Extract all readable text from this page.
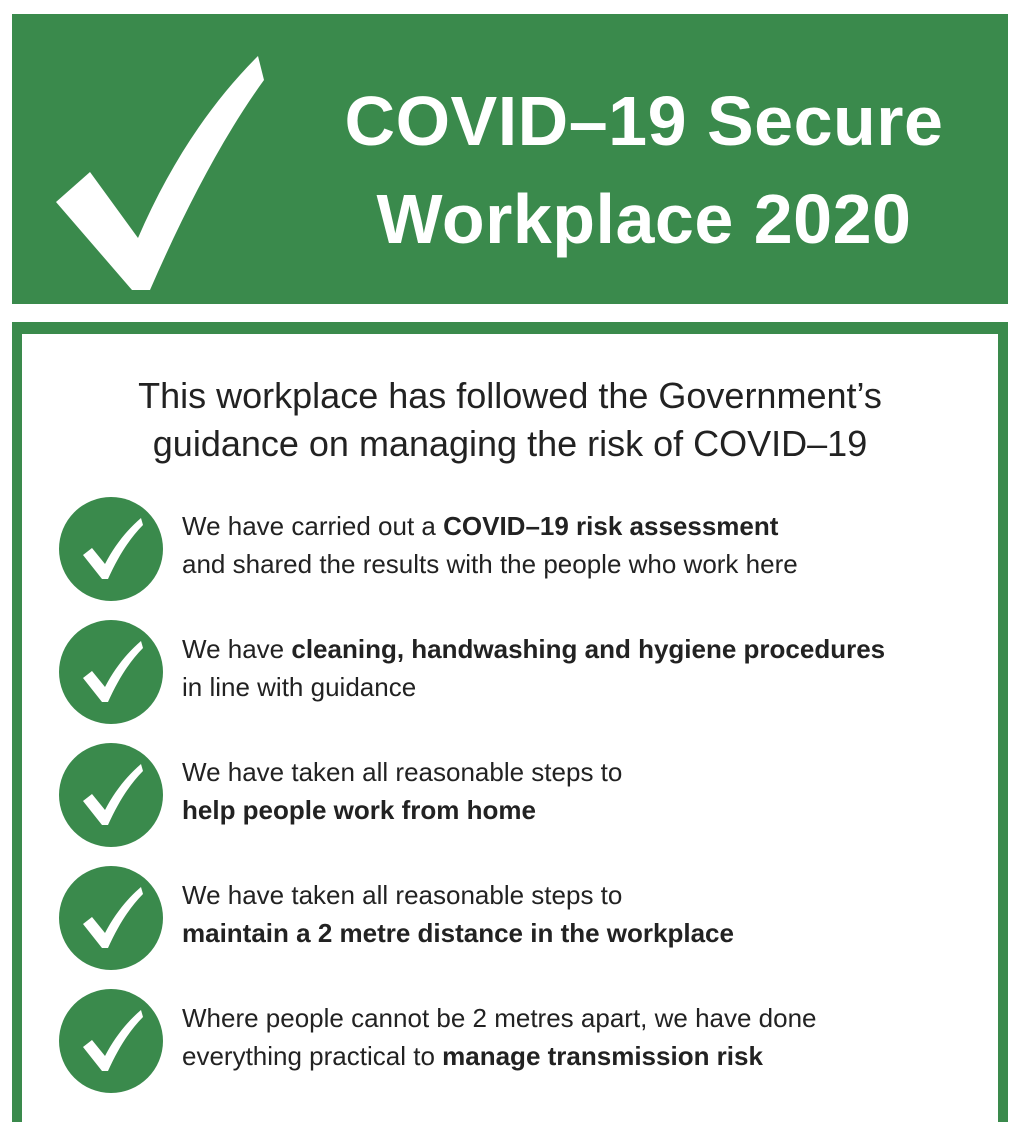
COVID–19 Secure
Workplace 2020
This workplace has followed the Government’s
guidance on managing the risk of COVID–19
We have carried out a COVID–19 risk assessment
and shared the results with the people who work here
We have cleaning, handwashing and hygiene procedures
in line with guidance
We have taken all reasonable steps to
help people work from home
We have taken all reasonable steps to
maintain a 2 metre distance in the workplace
Where people cannot be 2 metres apart, we have done
everything practical to manage transmission risk
